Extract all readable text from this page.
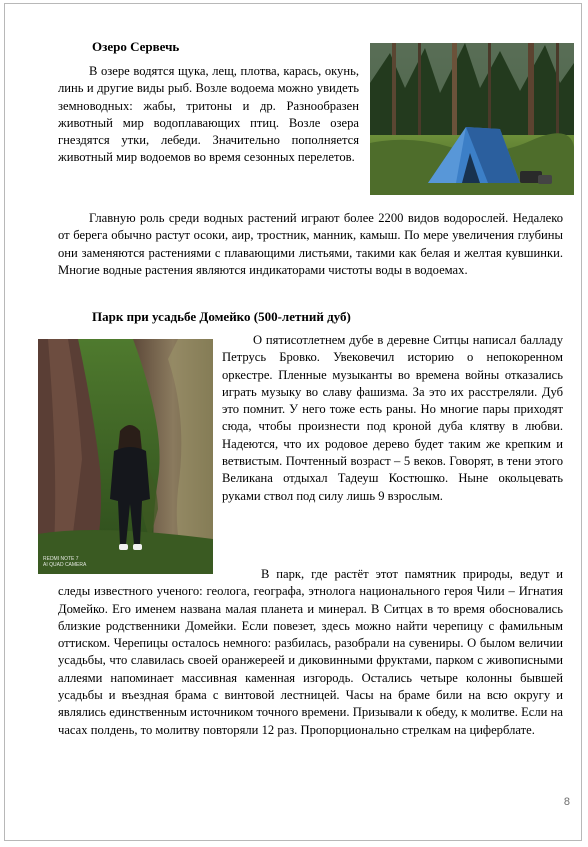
Озеро Сервечь

В озере водятся щука, лещ, плотва, карась, окунь, линь и другие виды рыб. Возле водоема можно увидеть земноводных: жабы, тритоны и др. Разнообразен животный мир водоплавающих птиц. Возле озера гнездятся утки, лебеди. Значительно пополняется животный мир водоемов во время сезонных перелетов.

Главную роль среди водных растений играют более 2200 видов водорослей. Недалеко от берега обычно растут осоки, аир, тростник, манник, камыш. По мере увеличения глубины они заменяются растениями с плавающими листьями, такими как белая и желтая кувшинки. Многие водные растения являются индикаторами чистоты воды в водоемах.

Парк при усадьбе Домейко (500-летний дуб)
REDMI NOTE 7
AI QUAD CAMERA

О пятисотлетнем дубе в деревне Ситцы написал балладу Петрусь Бровко. Увековечил историю о непокоренном оркестре. Пленные музыканты во времена войны отказались играть музыку во славу фашизма. За это их расстреляли. Дуб это помнит. У него тоже есть раны. Но многие пары приходят сюда, чтобы произнести под кроной дуба клятву в любви. Надеются, что их родовое дерево будет таким же крепким и ветвистым. Почтенный возраст – 5 веков. Говорят, в тени этого Великана отдыхал Тадеуш Костюшко. Ныне окольцевать руками ствол под силу лишь 9 взрослым.

В парк, где растёт этот памятник природы, ведут и следы известного ученого: геолога, географа, этнолога национального героя Чили – Игнатия Домейко. Его именем названа малая планета и минерал. В Ситцах в то время обосновались близкие родственники Домейки. Если повезет, здесь можно найти черепицу с фамильным оттиском. Черепицы осталось немного: разбилась, разобрали на сувениры. О былом величии усадьбы, что славилась своей оранжереей и диковинными фруктами, парком с живописными аллеями напоминает массивная каменная изгородь. Остались четыре колонны бывшей усадьбы и въездная брама с винтовой лестницей. Часы на браме били на всю округу и являлись единственным источником точного времени. Призывали к обеду, к молитве. Если на часах полдень, то молитву повторяли 12 раз. Пропорционально стрелкам на циферблате.

8
